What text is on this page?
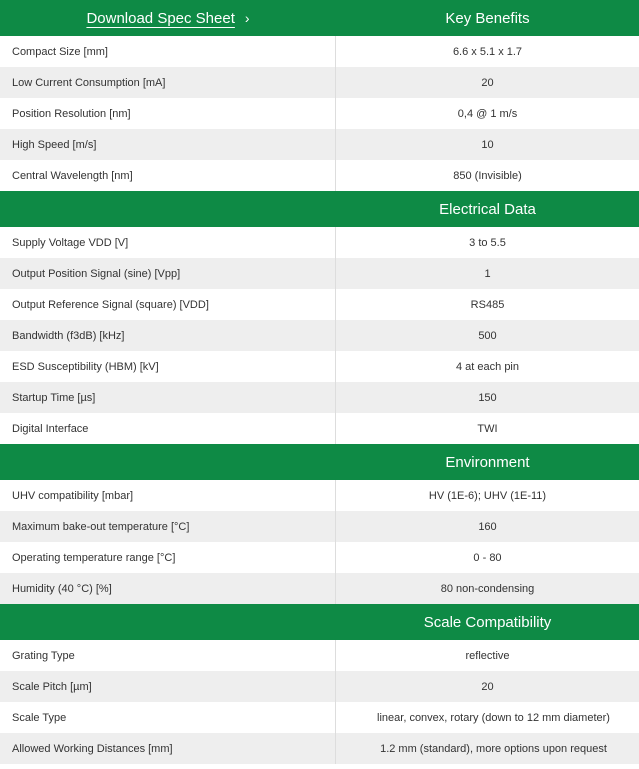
Download Spec Sheet ›	Key Benefits
Compact Size [mm]	6.6 x 5.1 x 1.7
Low Current Consumption [mA]	20
Position Resolution [nm]	0,4 @ 1 m/s
High Speed [m/s]	10
Central Wavelength [nm]	850 (Invisible)
Electrical Data
Supply Voltage VDD [V]	3 to 5.5
Output Position Signal (sine) [Vpp]	1
Output Reference Signal (square) [VDD]	RS485
Bandwidth (f3dB) [kHz]	500
ESD Susceptibility (HBM) [kV]	4 at each pin
Startup Time [µs]	150
Digital Interface	TWI
Environment
UHV compatibility [mbar]	HV (1E-6); UHV (1E-11)
Maximum bake-out temperature [°C]	160
Operating temperature range [°C]	0 - 80
Humidity (40 °C) [%]	80 non-condensing
Scale Compatibility
Grating Type	reflective
Scale Pitch [µm]	20
Scale Type	linear, convex, rotary (down to 12 mm diameter)
Allowed Working Distances [mm]	1.2 mm (standard), more options upon request
